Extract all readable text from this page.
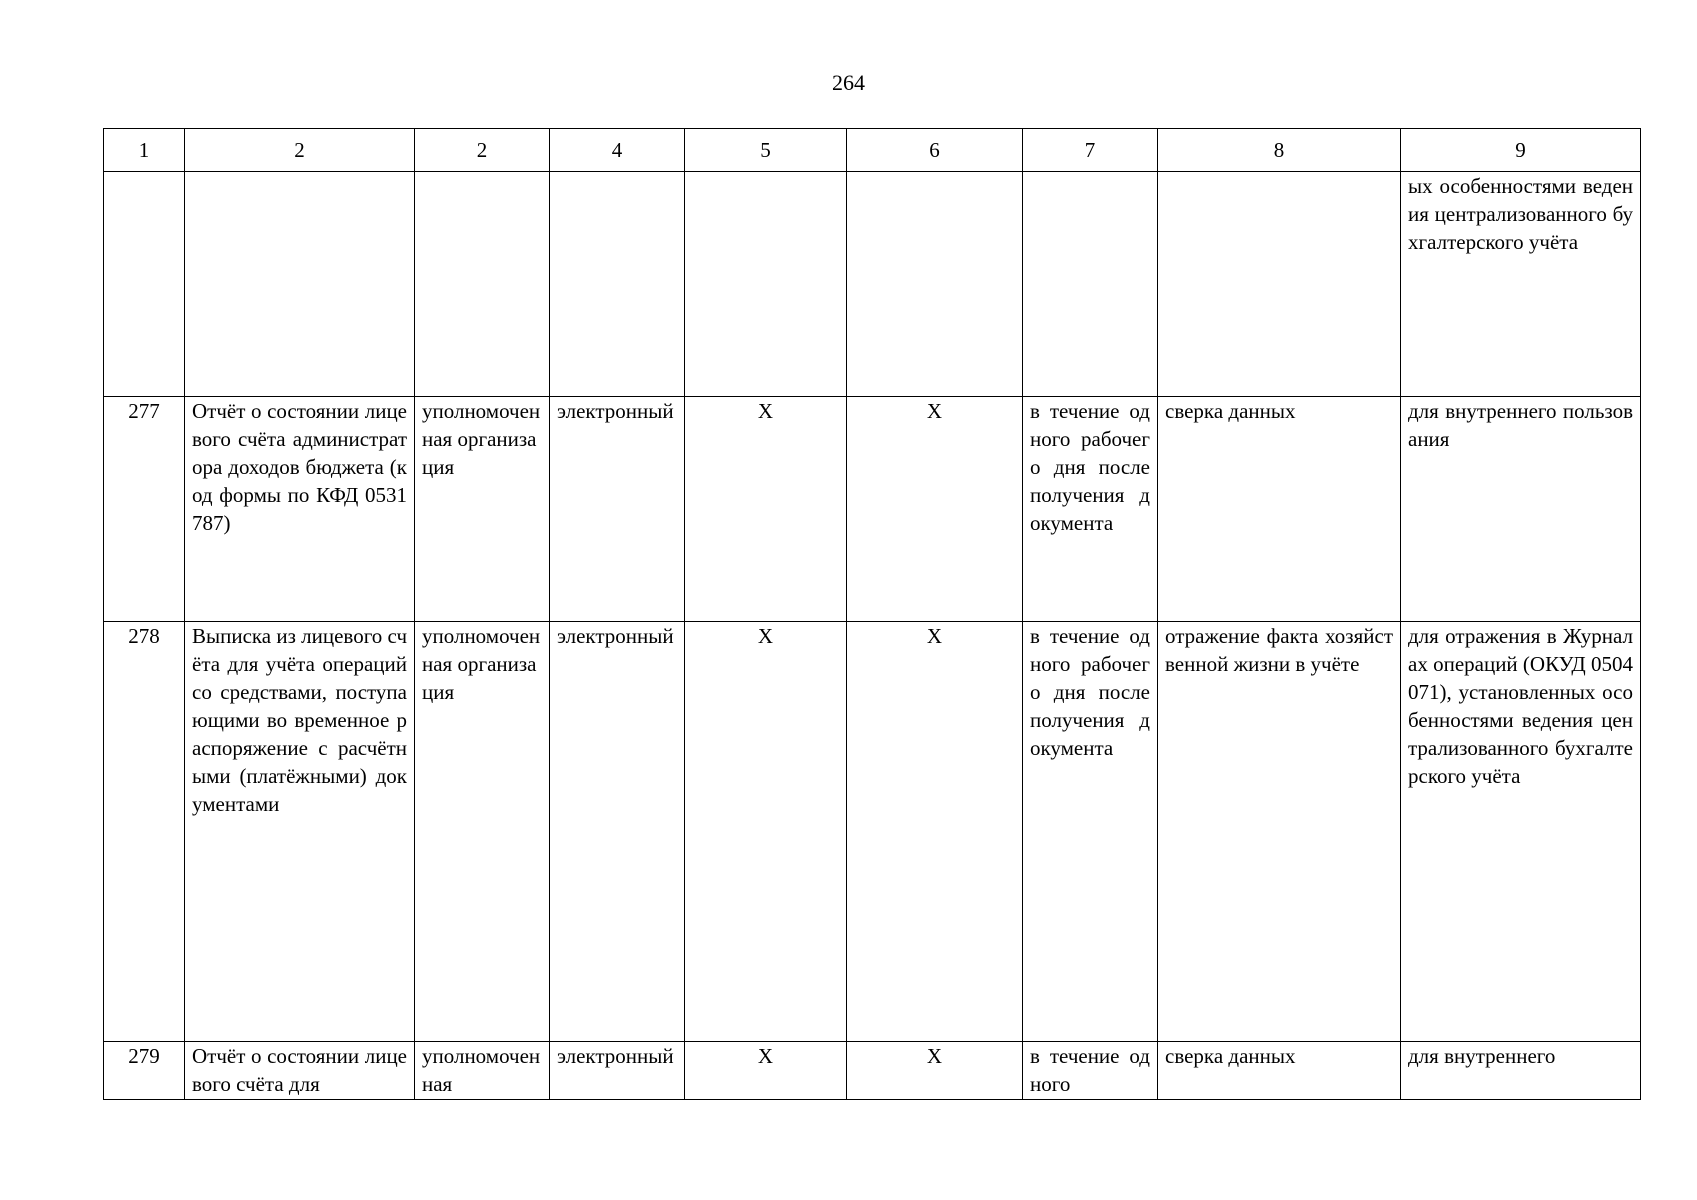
264
1	2	2	4	5	6	7	8	9
								ых особенностями ведения централизованного бухгалтерского учёта
277	Отчёт о состоянии лицевого счёта администратора доходов бюджета (код формы по КФД 0531787)	уполномоченная организация	электронный	X	X	в течение одного рабочего дня после получения документа	сверка данных	для внутреннего пользования
278	Выписка из лицевого счёта для учёта операций со средствами, поступающими во временное распоряжение с расчётными (платёжными) документами	уполномоченная организация	электронный	X	X	в течение одного рабочего дня после получения документа	отражение факта хозяйственной жизни в учёте	для отражения в Журналах операций (ОКУД 0504071), установленных особенностями ведения централизованного бухгалтерского учёта
279	Отчёт о состоянии лицевого счёта для	уполномоченная	электронный	X	X	в течение одного	сверка данных	для внутреннего
